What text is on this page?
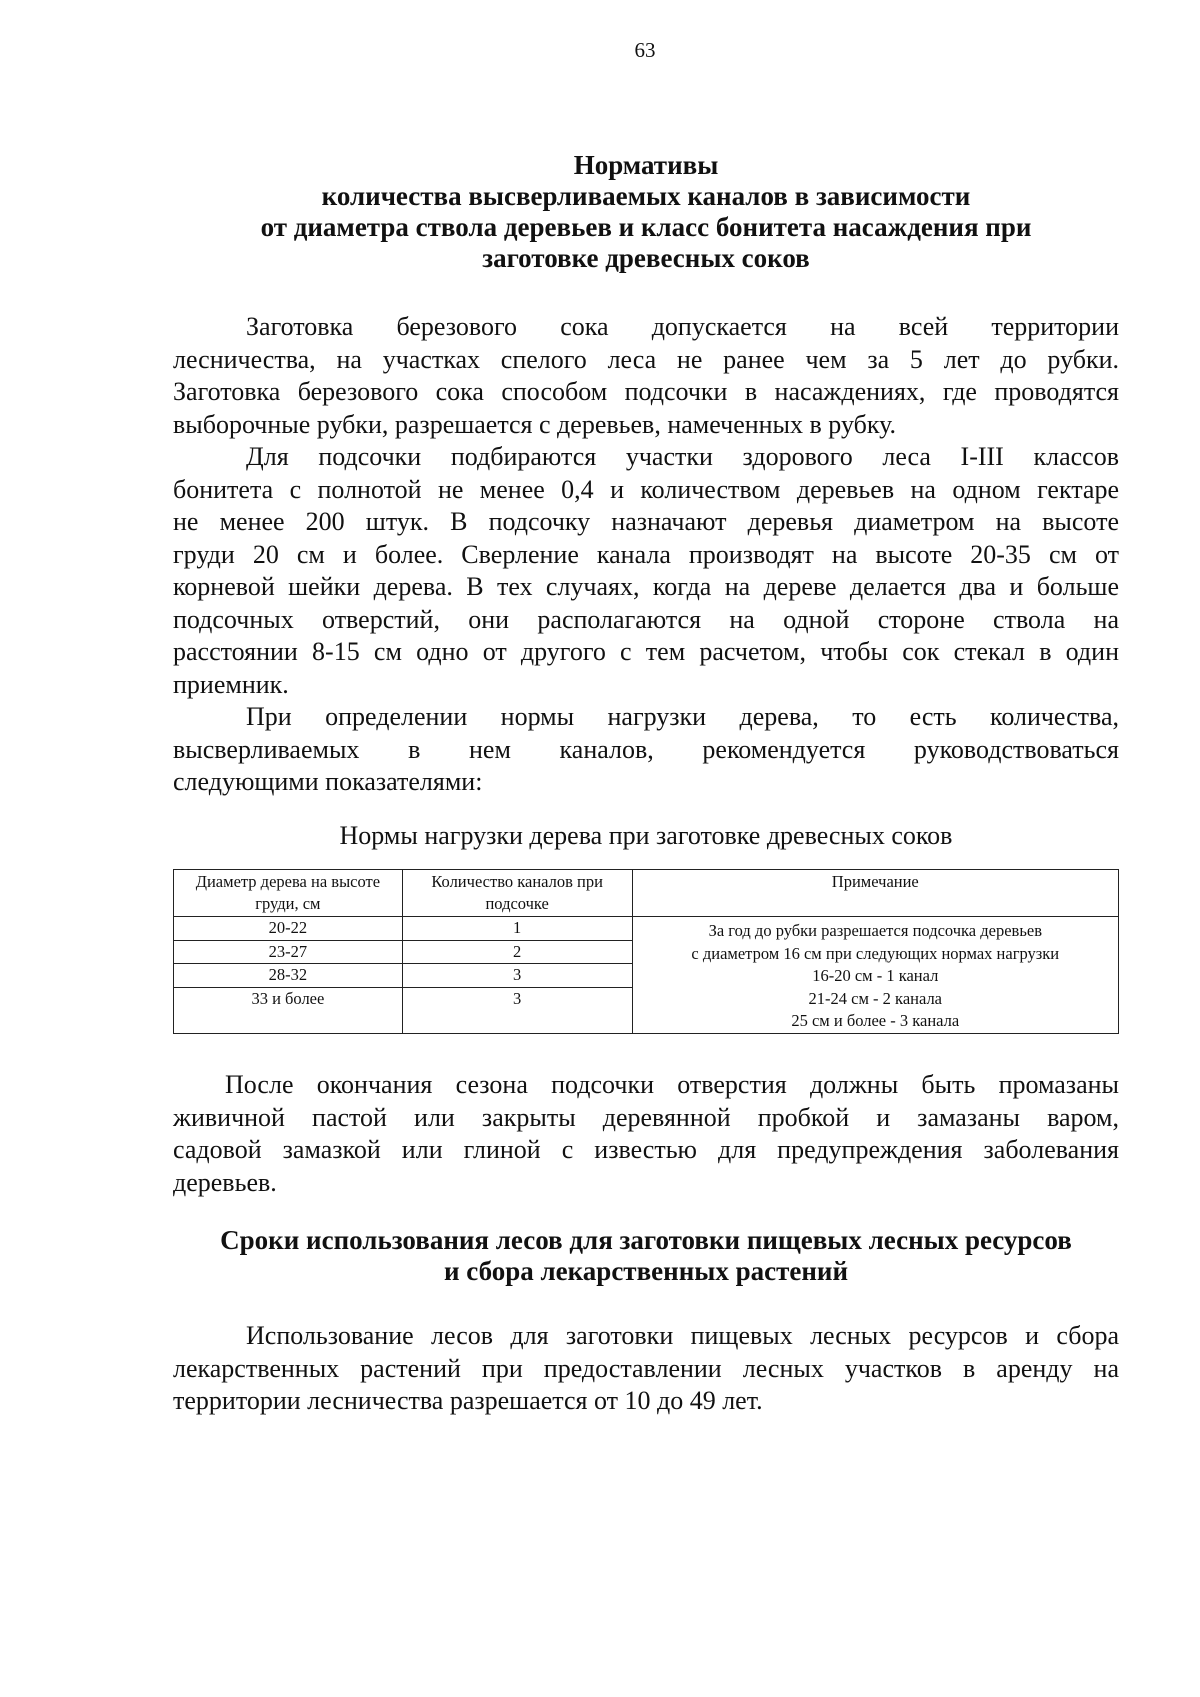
63

Нормативы
количества высверливаемых каналов в зависимости
от диаметра ствола деревьев и класс бонитета насаждения при
заготовке древесных соков

Заготовка березового сока допускается на всей территории
лесничества, на участках спелого леса не ранее чем за 5 лет до рубки.
Заготовка березового сока способом подсочки в насаждениях, где проводятся
выборочные рубки, разрешается с деревьев, намеченных в рубку.

Для подсочки подбираются участки здорового леса I-III классов
бонитета с полнотой не менее 0,4 и количеством деревьев на одном гектаре
не менее 200 штук. В подсочку назначают деревья диаметром на высоте
груди 20 см и более. Сверление канала производят на высоте 20-35 см от
корневой шейки дерева. В тех случаях, когда на дереве делается два и больше
подсочных отверстий, они располагаются на одной стороне ствола на
расстоянии 8-15 см одно от другого с тем расчетом, чтобы сок стекал в один
приемник.

При определении нормы нагрузки дерева, то есть количества,
высверливаемых в нем каналов, рекомендуется руководствоваться
следующими показателями:

Нормы нагрузки дерева при заготовке древесных соков

Диаметр дерева на высоте груди, см	Количество каналов при подсочке	Примечание
20-22	1	За год до рубки разрешается подсочка деревьев
с диаметром 16 см при следующих нормах нагрузки
16-20 см - 1 канал
21-24 см - 2 канала
25 см и более - 3 канала

23-27	2	
28-32	3	
33 и более	3	

После окончания сезона подсочки отверстия должны быть промазаны
живичной пастой или закрыты деревянной пробкой и замазаны варом,
садовой замазкой или глиной с известью для предупреждения заболевания
деревьев.

Сроки использования лесов для заготовки пищевых лесных ресурсов
и сбора лекарственных растений

Использование лесов для заготовки пищевых лесных ресурсов и сбора
лекарственных растений при предоставлении лесных участков в аренду на
территории лесничества разрешается от 10 до 49 лет.
